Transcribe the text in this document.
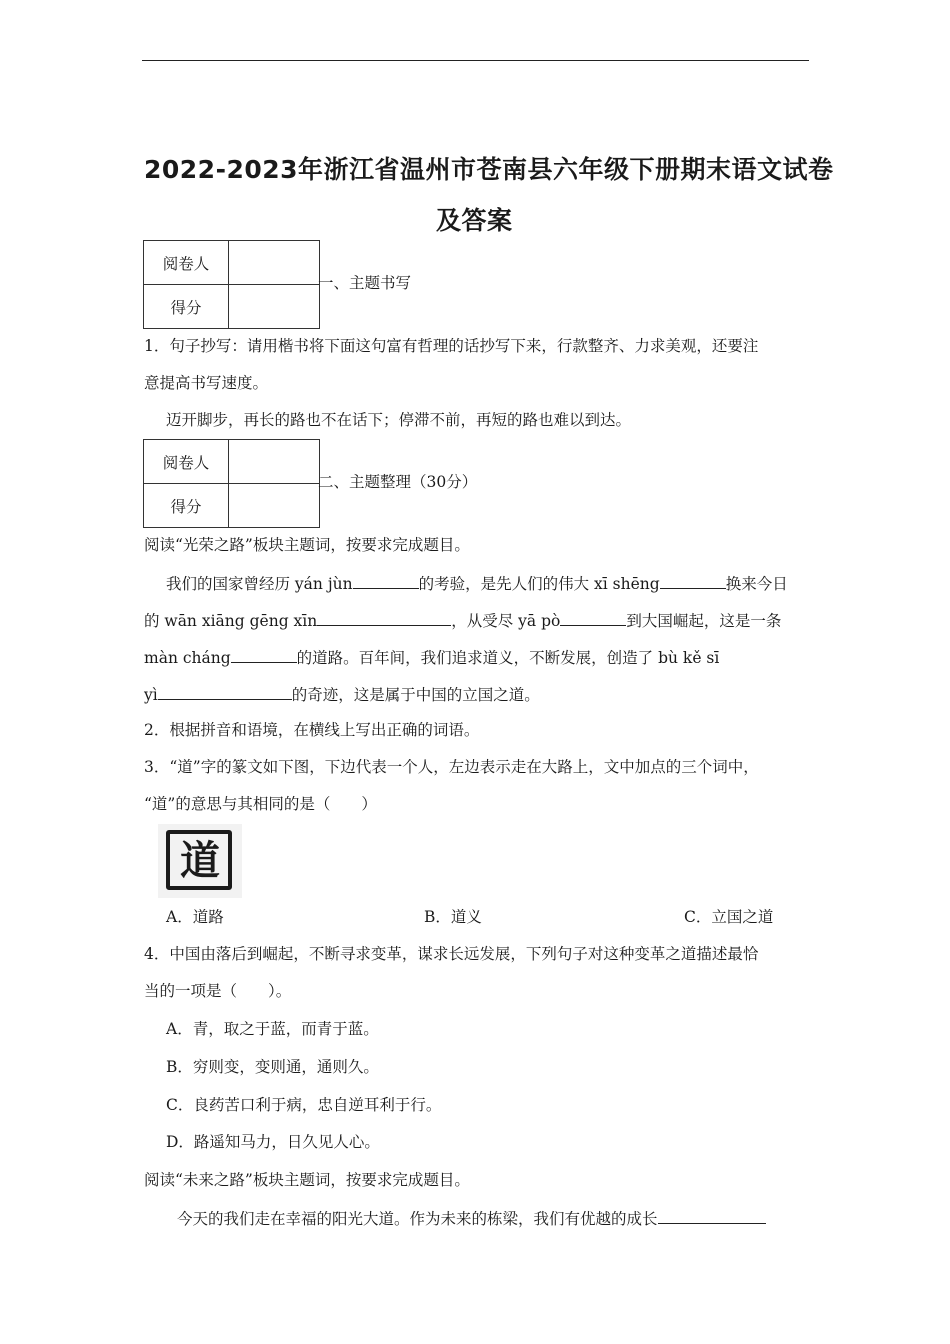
2022-2023年浙江省温州市苍南县六年级下册期末语文试卷
及答案
阅卷人	
得分	
一、主题书写
1．句子抄写：请用楷书将下面这句富有哲理的话抄写下来，行款整齐、力求美观，还要注
意提高书写速度。
迈开脚步，再长的路也不在话下；停滞不前，再短的路也难以到达。
阅卷人	
得分	
二、主题整理（30分）
阅读“光荣之路”板块主题词，按要求完成题目。
我们的国家曾经历 yán jùn	的考验，是先人们的伟大 xī shēng	换来今日
的 wān xiāng gēng xīn	，从受尽 yā pò	到大国崛起，这是一条
màn cháng	的道路。百年间，我们追求道义，不断发展，创造了 bù kě sī
yì	的奇迹，这是属于中国的立国之道。
2．根据拼音和语境，在横线上写出正确的词语。
3．“道”字的篆文如下图，下边代表一个人，左边表示走在大路上，文中加点的三个词中，
“道”的意思与其相同的是（　　）
道
A．道路	B．道义	C．立国之道
4．中国由落后到崛起，不断寻求变革，谋求长远发展，下列句子对这种变革之道描述最恰
当的一项是（　　）。
A．青，取之于蓝，而青于蓝。
B．穷则变，变则通，通则久。
C．良药苦口利于病，忠自逆耳利于行。
D．路遥知马力，日久见人心。
阅读“未来之路”板块主题词，按要求完成题目。
今天的我们走在幸福的阳光大道。作为未来的栋梁，我们有优越的成长
